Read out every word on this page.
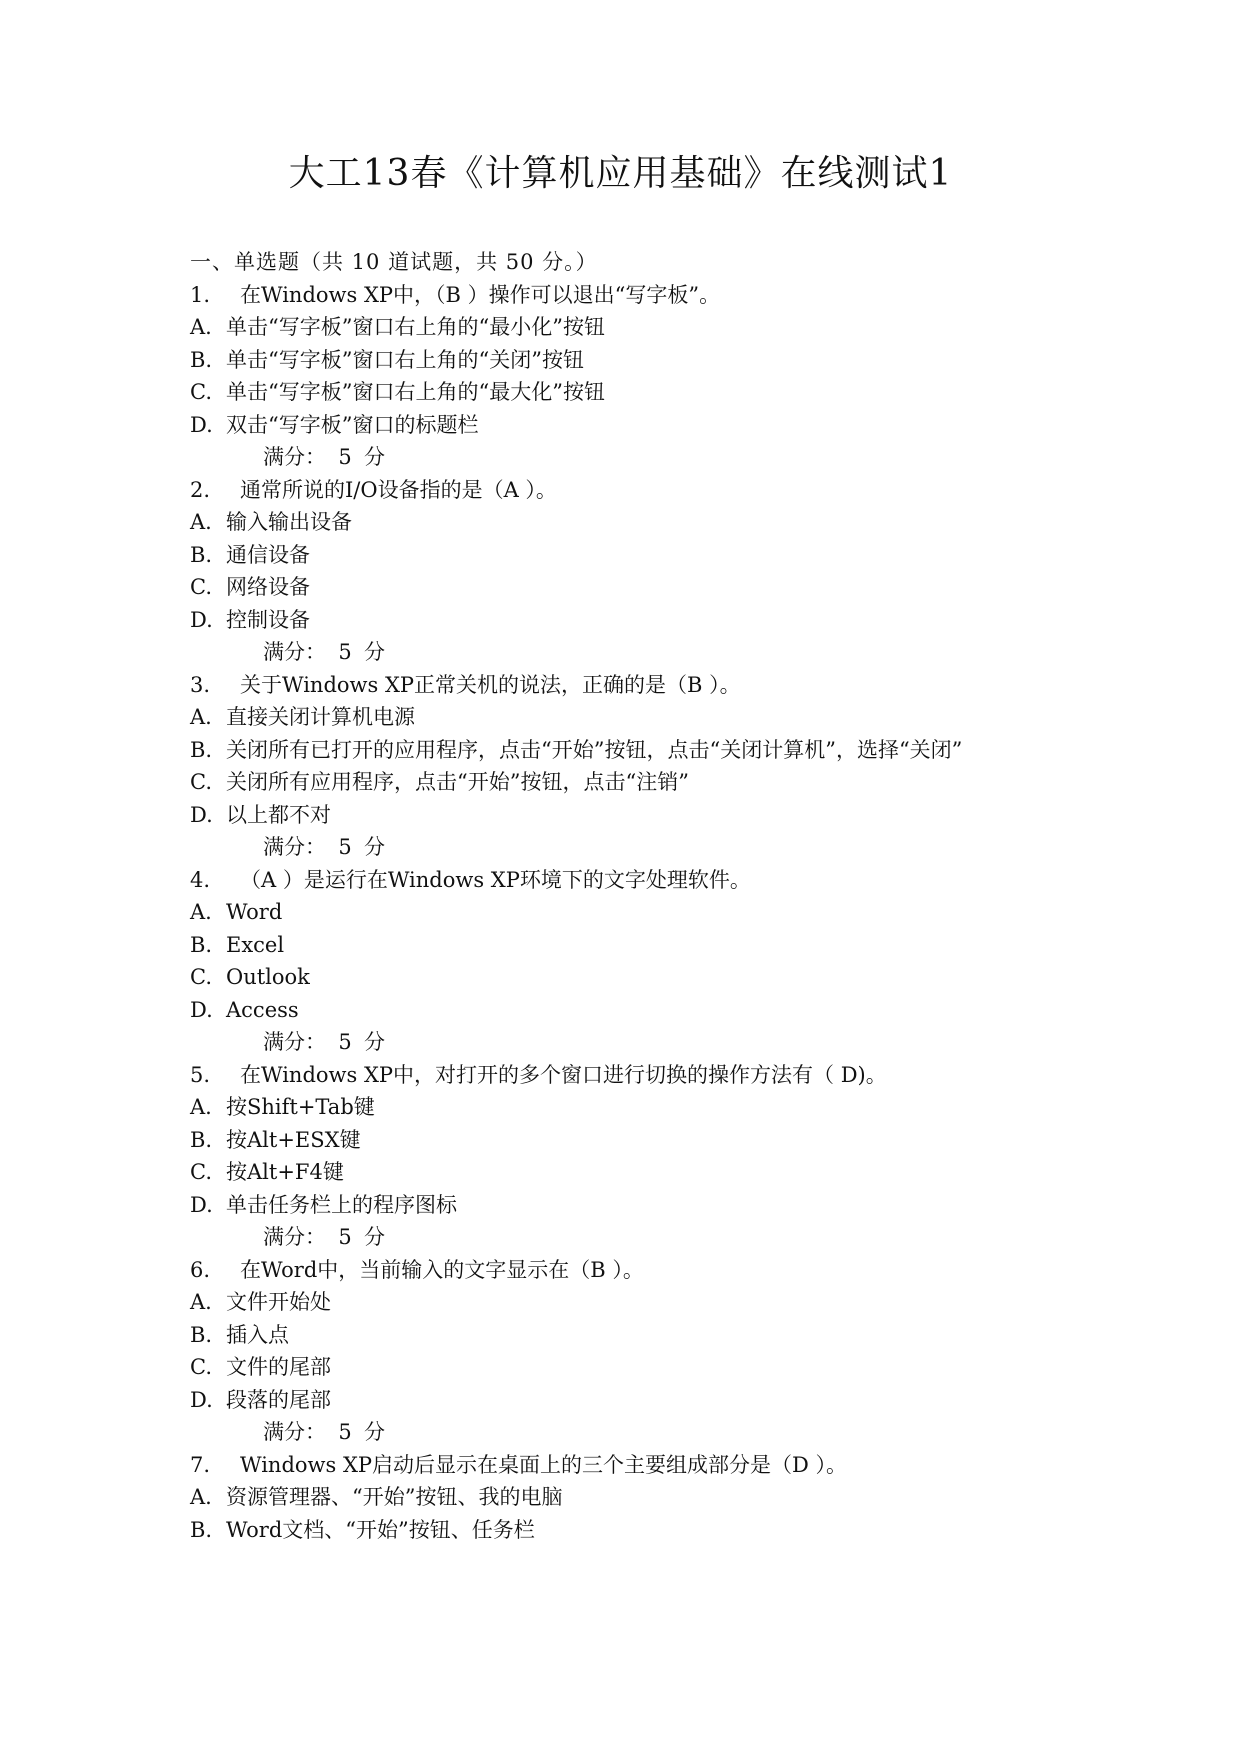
大工13春《计算机应用基础》在线测试1
一、单选题（共 10 道试题，共 50 分。）
1. 在Windows XP中，（B ）操作可以退出“写字板”。
A. 单击“写字板”窗口右上角的“最小化”按钮
B. 单击“写字板”窗口右上角的“关闭”按钮
C. 单击“写字板”窗口右上角的“最大化”按钮
D. 双击“写字板”窗口的标题栏
满分： 5 分
2. 通常所说的I/O设备指的是（A ）。
A. 输入输出设备
B. 通信设备
C. 网络设备
D. 控制设备
满分： 5 分
3. 关于Windows XP正常关机的说法，正确的是（B ）。
A. 直接关闭计算机电源
B. 关闭所有已打开的应用程序，点击“开始”按钮，点击“关闭计算机”，选择“关闭”
C. 关闭所有应用程序，点击“开始”按钮，点击“注销”
D. 以上都不对
满分： 5 分
4. （A ）是运行在Windows XP环境下的文字处理软件。
A. Word
B. Excel
C. Outlook
D. Access
满分： 5 分
5. 在Windows XP中，对打开的多个窗口进行切换的操作方法有（ D)。
A. 按Shift+Tab键
B. 按Alt+ESX键
C. 按Alt+F4键
D. 单击任务栏上的程序图标
满分： 5 分
6. 在Word中，当前输入的文字显示在（B ）。
A. 文件开始处
B. 插入点
C. 文件的尾部
D. 段落的尾部
满分： 5 分
7. Windows XP启动后显示在桌面上的三个主要组成部分是（D ）。
A. 资源管理器、“开始”按钮、我的电脑
B. Word文档、“开始”按钮、任务栏
